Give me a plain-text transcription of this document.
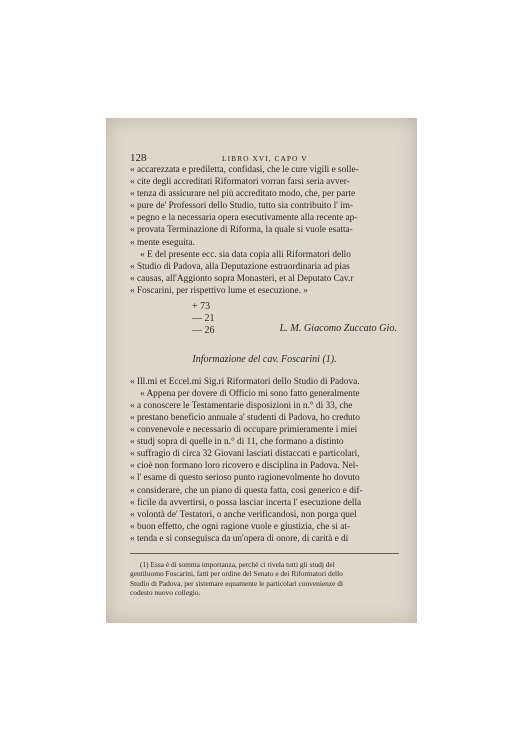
128	LIBRO XVI, CAPO V
« accarezzata e prediletta, confidasi, che le cure vigili e solle-
« cite degli accreditati Riformatori vorran farsi seria avver-
« tenza di assicurare nel più accreditato modo, che, per parte
« pure de' Professori dello Studio, tutto sia contribuito l' im-
« pegno e la necessaria opera esecutivamente alla recente ap-
« provata Terminazione di Riforma, la quale si vuole esatta-
« mente eseguita.
« E del presente ecc. sia data copia alli Riformatori dello
« Studio di Padova, alla Deputazione estraordinaria ad pias
« causas, all'Aggionto sopra Monasteri, et al Deputato Cav.r
« Foscarini, per rispettivo lume et esecuzione. »
+ 73
— 21
— 26	L. M. Giacomo Zuccato Gio.
Informazione del cav. Foscarini (1).
« Ill.mi et Eccel.mi Sig.ri Riformatori dello Studio di Padova.
« Appena per dovere di Officio mi sono fatto generalmente
« a conoscere le Testamentarie disposizioni in n.° di 33, che
« prestano beneficio annuale a' studenti di Padova, ho creduto
« convenevole e necessario di occupare primieramente i miei
« studj sopra di quelle in n.° di 11, che formano a distinto
« suffragio di circa 32 Giovani lasciati distaccati e particolari,
« cioè non formano loro ricovero e disciplina in Padova. Nel-
« l' esame di questo serioso punto ragionevolmente ho dovuto
« considerare, che un piano di questa fatta, così generico e dif-
« ficile da avvertirsi, o possa lasciar incerta l' esecuzione della
« volontà de' Testatori, o anche verificandosi, non porga quel
« buon effetto, che ogni ragione vuole e giustizia, che si at-
« tenda e si conseguisca da un'opera di onore, di carità e di
(1) Essa è di somma importanza, perchè ci rivela tutti gli studj del
gentiluomo Foscarini, fatti per ordine del Senato e dei Riformatori dello
Studio di Padova, per sistemare equamente le particolari convenienze di
codesto nuovo collegio.
